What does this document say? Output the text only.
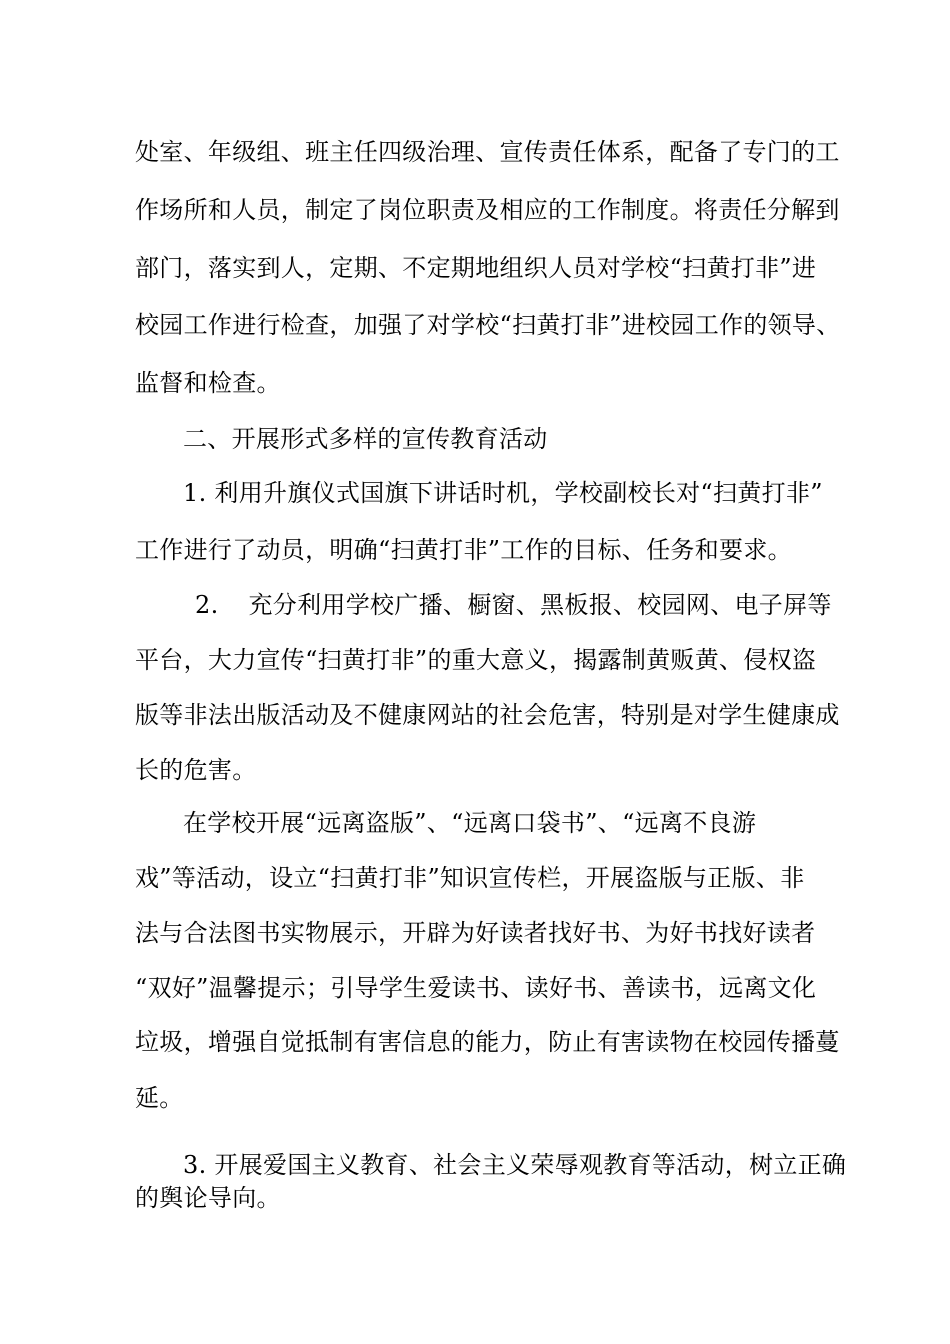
处室、年级组、班主任四级治理、宣传责任体系，配备了专门的工
作场所和人员，制定了岗位职责及相应的工作制度。将责任分解到
部门，落实到人，定期、不定期地组织人员对学校“扫黄打非”进
校园工作进行检查，加强了对学校“扫黄打非”进校园工作的领导、
监督和检查。
二、开展形式多样的宣传教育活动
1. 利用升旗仪式国旗下讲话时机，学校副校长对“扫黄打非”
工作进行了动员，明确“扫黄打非”工作的目标、任务和要求。
2. 充分利用学校广播、橱窗、黑板报、校园网、电子屏等
平台，大力宣传“扫黄打非”的重大意义，揭露制黄贩黄、侵权盗
版等非法出版活动及不健康网站的社会危害，特别是对学生健康成
长的危害。
在学校开展“远离盗版”、“远离口袋书”、“远离不良游
戏”等活动，设立“扫黄打非”知识宣传栏，开展盗版与正版、非
法与合法图书实物展示，开辟为好读者找好书、为好书找好读者
“双好”温馨提示；引导学生爱读书、读好书、善读书，远离文化
垃圾，增强自觉抵制有害信息的能力，防止有害读物在校园传播蔓
延。
3. 开展爱国主义教育、社会主义荣辱观教育等活动，树立正确
的舆论导向。
